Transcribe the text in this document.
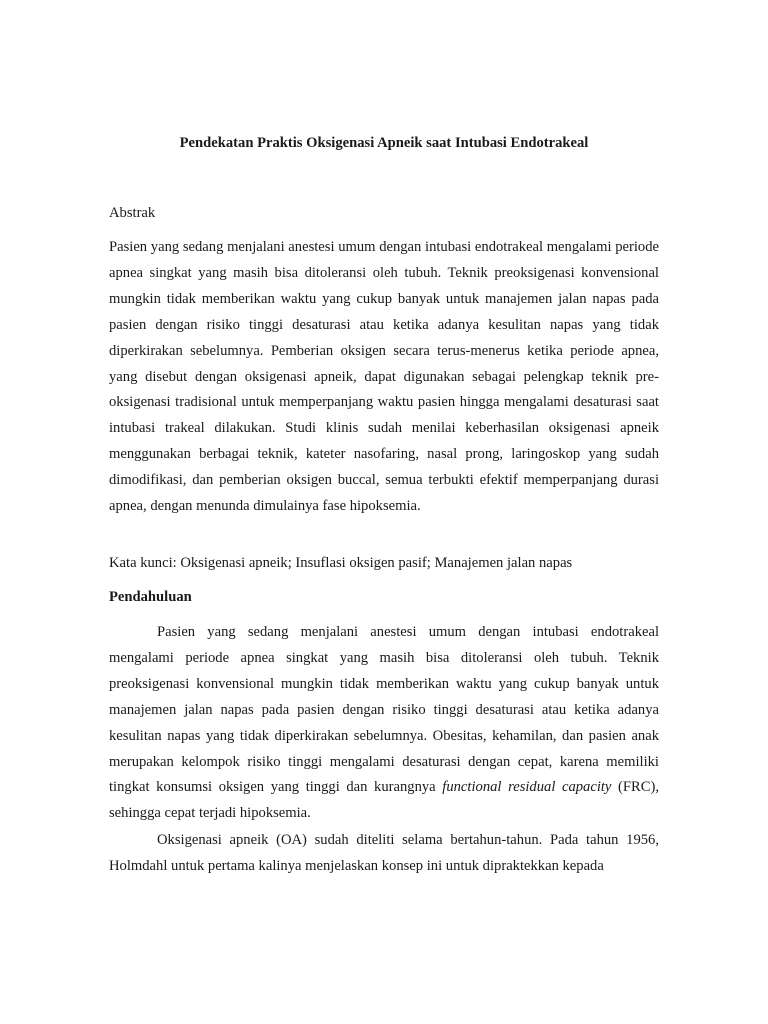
Pendekatan Praktis Oksigenasi Apneik saat Intubasi Endotrakeal

Abstrak

Pasien yang sedang menjalani anestesi umum dengan intubasi endotrakeal mengalami periode apnea singkat yang masih bisa ditoleransi oleh tubuh. Teknik preoksigenasi konvensional mungkin tidak memberikan waktu yang cukup banyak untuk manajemen jalan napas pada pasien dengan risiko tinggi desaturasi atau ketika adanya kesulitan napas yang tidak diperkirakan sebelumnya. Pemberian oksigen secara terus-menerus ketika periode apnea, yang disebut dengan oksigenasi apneik, dapat digunakan sebagai pelengkap teknik pre-oksigenasi tradisional untuk memperpanjang waktu pasien hingga mengalami desaturasi saat intubasi trakeal dilakukan. Studi klinis sudah menilai keberhasilan oksigenasi apneik menggunakan berbagai teknik, kateter nasofaring, nasal prong, laringoskop yang sudah dimodifikasi, dan pemberian oksigen buccal, semua terbukti efektif memperpanjang durasi apnea, dengan menunda dimulainya fase hipoksemia.

Kata kunci: Oksigenasi apneik; Insuflasi oksigen pasif; Manajemen jalan napas

Pendahuluan

Pasien yang sedang menjalani anestesi umum dengan intubasi endotrakeal mengalami periode apnea singkat yang masih bisa ditoleransi oleh tubuh. Teknik preoksigenasi konvensional mungkin tidak memberikan waktu yang cukup banyak untuk manajemen jalan napas pada pasien dengan risiko tinggi desaturasi atau ketika adanya kesulitan napas yang tidak diperkirakan sebelumnya. Obesitas, kehamilan, dan pasien anak merupakan kelompok risiko tinggi mengalami desaturasi dengan cepat, karena memiliki tingkat konsumsi oksigen yang tinggi dan kurangnya functional residual capacity (FRC), sehingga cepat terjadi hipoksemia.

Oksigenasi apneik (OA) sudah diteliti selama bertahun-tahun. Pada tahun 1956, Holmdahl untuk pertama kalinya menjelaskan konsep ini untuk dipraktekkan kepada
